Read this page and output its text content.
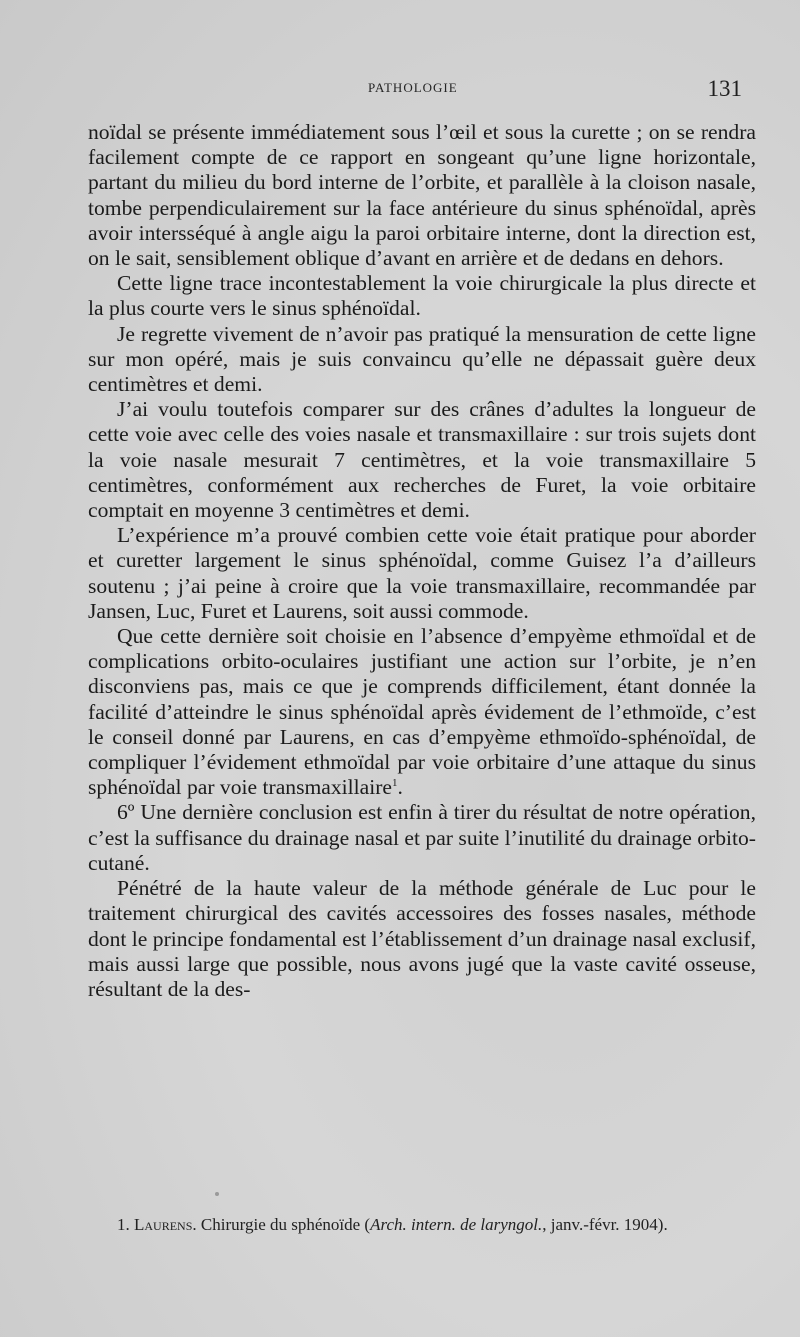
PATHOLOGIE	131

noïdal se présente immédiatement sous l’œil et sous la curette ; on se rendra facilement compte de ce rapport en songeant qu’une ligne horizontale, partant du milieu du bord interne de l’orbite, et parallèle à la cloison nasale, tombe perpendiculairement sur la face antérieure du sinus sphénoïdal, après avoir intersséqué à angle aigu la paroi orbitaire interne, dont la direction est, on le sait, sensiblement oblique d’avant en arrière et de dedans en dehors.

Cette ligne trace incontestablement la voie chirurgicale la plus directe et la plus courte vers le sinus sphénoïdal.

Je regrette vivement de n’avoir pas pratiqué la mensuration de cette ligne sur mon opéré, mais je suis convaincu qu’elle ne dépassait guère deux centimètres et demi.

J’ai voulu toutefois comparer sur des crânes d’adultes la longueur de cette voie avec celle des voies nasale et transmaxillaire : sur trois sujets dont la voie nasale mesurait 7 centimètres, et la voie transmaxillaire 5 centimètres, conformément aux recherches de Furet, la voie orbitaire comptait en moyenne 3 centimètres et demi.

L’expérience m’a prouvé combien cette voie était pratique pour aborder et curetter largement le sinus sphénoïdal, comme Guisez l’a d’ailleurs soutenu ; j’ai peine à croire que la voie transmaxillaire, recommandée par Jansen, Luc, Furet et Laurens, soit aussi commode.

Que cette dernière soit choisie en l’absence d’empyème ethmoïdal et de complications orbito-oculaires justifiant une action sur l’orbite, je n’en disconviens pas, mais ce que je comprends difficilement, étant donnée la facilité d’atteindre le sinus sphénoïdal après évidement de l’ethmoïde, c’est le conseil donné par Laurens, en cas d’empyème ethmoïdo-sphénoïdal, de compliquer l’évidement ethmoïdal par voie orbitaire d’une attaque du sinus sphénoïdal par voie transmaxillaire$^1$.

6º Une dernière conclusion est enfin à tirer du résultat de notre opération, c’est la suffisance du drainage nasal et par suite l’inutilité du drainage orbito-cutané.

Pénétré de la haute valeur de la méthode générale de Luc pour le traitement chirurgical des cavités accessoires des fosses nasales, méthode dont le principe fondamental est l’établissement d’un drainage nasal exclusif, mais aussi large que possible, nous avons jugé que la vaste cavité osseuse, résultant de la des-

1. Laurens. Chirurgie du sphénoïde (Arch. intern. de laryngol., janv.-févr. 1904).
